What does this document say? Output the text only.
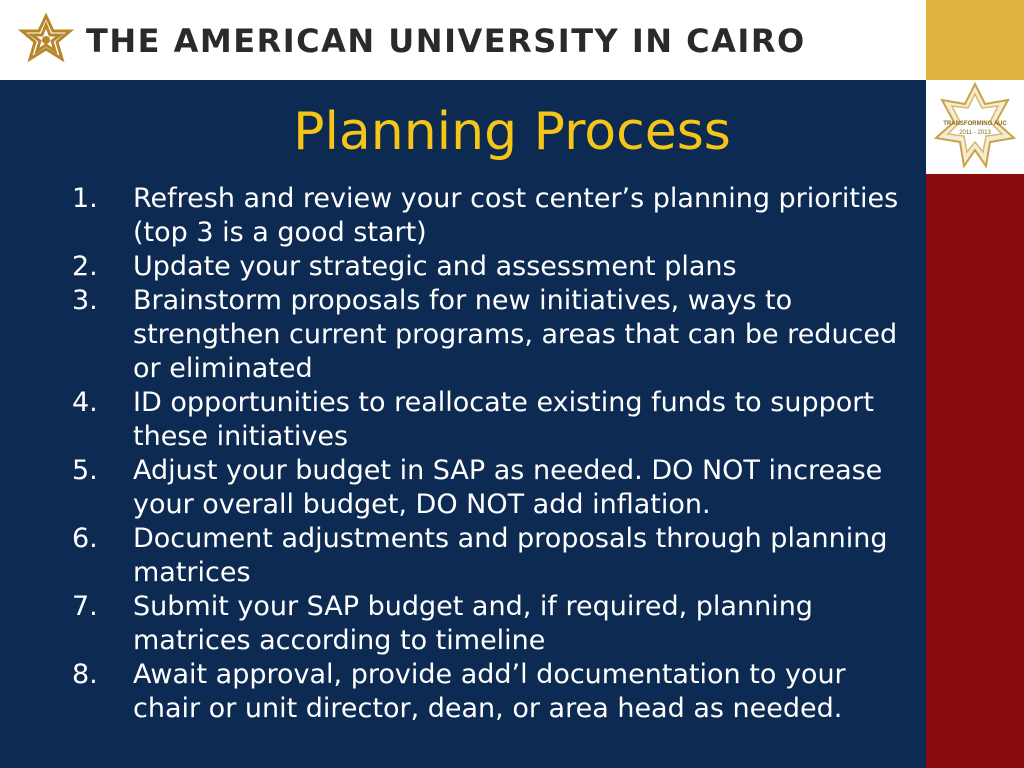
THE AMERICAN UNIVERSITY IN CAIRO
TRANSFORMING AUC
2011 - 2013
Planning Process
1.	Refresh and review your cost center’s planning priorities (top 3 is a good start)
2.	Update your strategic and assessment plans
3.	Brainstorm proposals for new initiatives, ways to strengthen current programs, areas that can be reduced or eliminated
4.	ID opportunities to reallocate existing funds to support these initiatives
5.	Adjust your budget in SAP as needed. DO NOT increase your overall budget, DO NOT add inflation.
6.	Document adjustments and proposals through planning matrices
7.	Submit your SAP budget and, if required, planning matrices according to timeline
8.	Await approval, provide add’l documentation to your chair or unit director, dean, or area head as needed.
